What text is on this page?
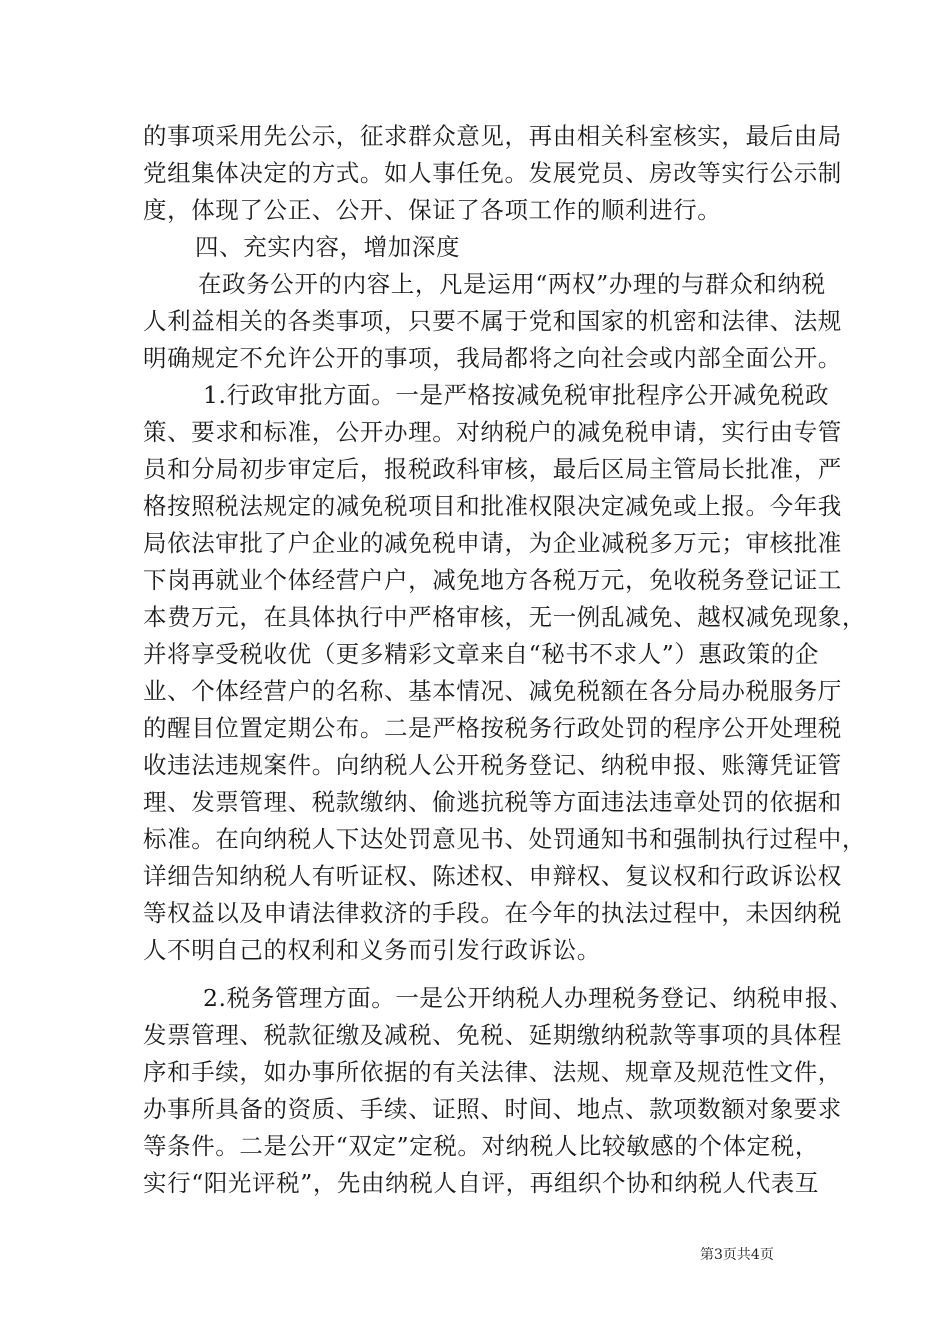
的事项采用先公示，征求群众意见，再由相关科室核实，最后由局
党组集体决定的方式。如人事任免。发展党员、房改等实行公示制
度，体现了公正、公开、保证了各项工作的顺利进行。
四、充实内容，增加深度
在政务公开的内容上，凡是运用“两权”办理的与群众和纳税
人利益相关的各类事项，只要不属于党和国家的机密和法律、法规
明确规定不允许公开的事项，我局都将之向社会或内部全面公开。
1.行政审批方面。一是严格按减免税审批程序公开减免税政
策、要求和标准，公开办理。对纳税户的减免税申请，实行由专管
员和分局初步审定后，报税政科审核，最后区局主管局长批准，严
格按照税法规定的减免税项目和批准权限决定减免或上报。今年我
局依法审批了户企业的减免税申请，为企业减税多万元；审核批准
下岗再就业个体经营户户，减免地方各税万元，免收税务登记证工
本费万元，在具体执行中严格审核，无一例乱减免、越权减免现象，
并将享受税收优（更多精彩文章来自“秘书不求人”）惠政策的企
业、个体经营户的名称、基本情况、减免税额在各分局办税服务厅
的醒目位置定期公布。二是严格按税务行政处罚的程序公开处理税
收违法违规案件。向纳税人公开税务登记、纳税申报、账簿凭证管
理、发票管理、税款缴纳、偷逃抗税等方面违法违章处罚的依据和
标准。在向纳税人下达处罚意见书、处罚通知书和强制执行过程中，
详细告知纳税人有听证权、陈述权、申辩权、复议权和行政诉讼权
等权益以及申请法律救济的手段。在今年的执法过程中，未因纳税
人不明自己的权利和义务而引发行政诉讼。
2.税务管理方面。一是公开纳税人办理税务登记、纳税申报、
发票管理、税款征缴及减税、免税、延期缴纳税款等事项的具体程
序和手续，如办事所依据的有关法律、法规、规章及规范性文件，
办事所具备的资质、手续、证照、时间、地点、款项数额对象要求
等条件。二是公开“双定”定税。对纳税人比较敏感的个体定税，
实行“阳光评税”，先由纳税人自评，再组织个协和纳税人代表互
第3页共4页
